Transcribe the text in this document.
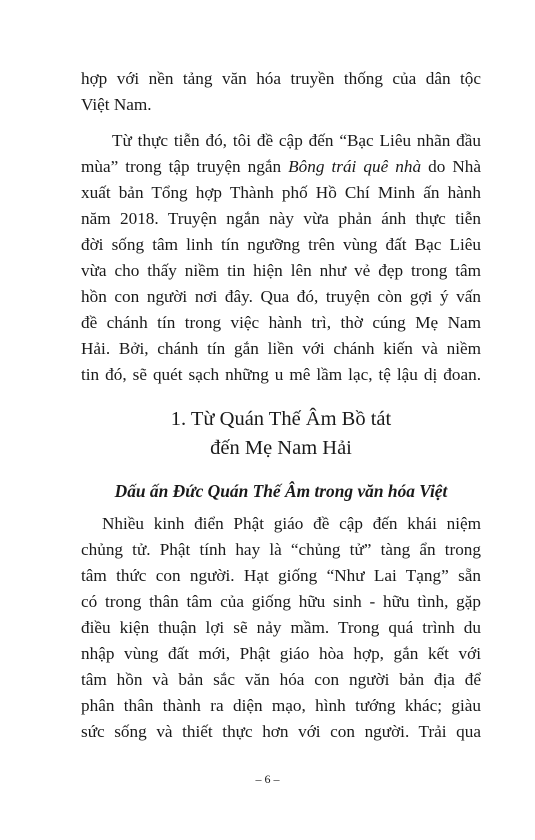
hợp với nền tảng văn hóa truyền thống của dân tộc
Việt Nam.

Từ thực tiễn đó, tôi đề cập đến “Bạc Liêu nhãn đầu
mùa” trong tập truyện ngắn Bông trái quê nhà do Nhà
xuất bản Tổng hợp Thành phố Hồ Chí Minh ấn hành
năm 2018. Truyện ngắn này vừa phản ánh thực tiễn
đời sống tâm linh tín ngưỡng trên vùng đất Bạc Liêu
vừa cho thấy niềm tin hiện lên như vẻ đẹp trong tâm
hồn con người nơi đây. Qua đó, truyện còn gợi ý vấn
đề chánh tín trong việc hành trì, thờ cúng Mẹ Nam
Hải. Bởi, chánh tín gắn liền với chánh kiến và niềm
tin đó, sẽ quét sạch những u mê lầm lạc, tệ lậu dị đoan.

1. Từ Quán Thế Âm Bồ tát
đến Mẹ Nam Hải
Dấu ấn Đức Quán Thế Âm trong văn hóa Việt

Nhiều kinh điển Phật giáo đề cập đến khái niệm
chủng tử. Phật tính hay là “chủng tử” tàng ẩn trong
tâm thức con người. Hạt giống “Như Lai Tạng” sẵn
có trong thân tâm của giống hữu sinh - hữu tình, gặp
điều kiện thuận lợi sẽ nảy mầm. Trong quá trình du
nhập vùng đất mới, Phật giáo hòa hợp, gắn kết với
tâm hồn và bản sắc văn hóa con người bản địa để
phân thân thành ra diện mạo, hình tướng khác; giàu
sức sống và thiết thực hơn với con người. Trải qua

– 6 –
